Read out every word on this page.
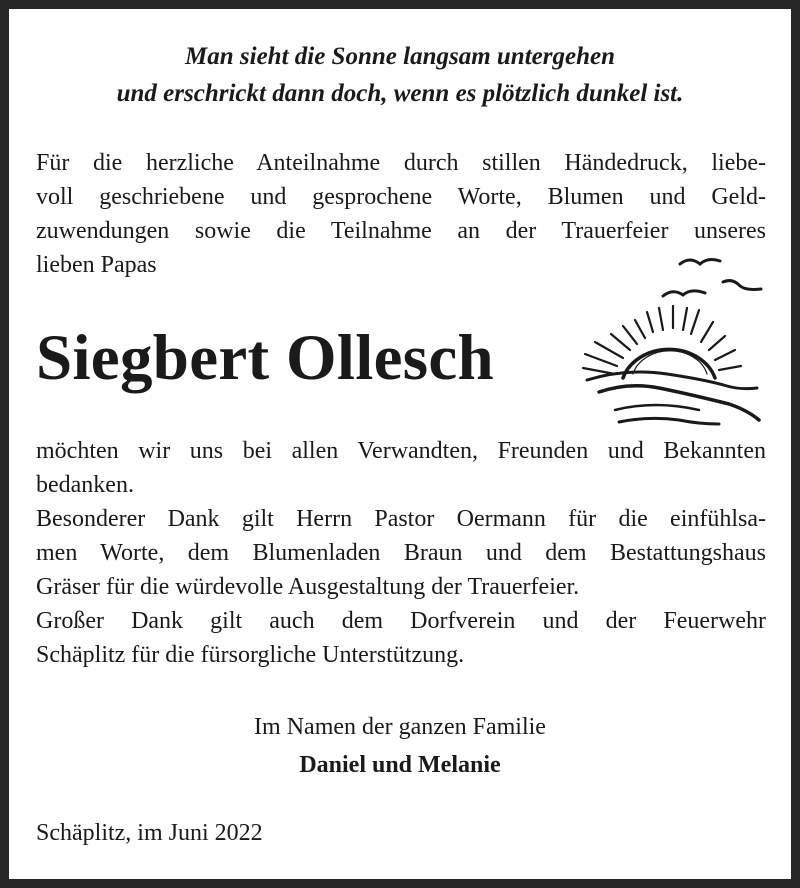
Man sieht die Sonne langsam untergehen
und erschrickt dann doch, wenn es plötzlich dunkel ist.
Für die herzliche Anteilnahme durch stillen Händedruck, liebe-
voll geschriebene und gesprochene Worte, Blumen und Geld-
zuwendungen sowie die Teilnahme an der Trauerfeier unseres
lieben Papas
Siegbert Ollesch
möchten wir uns bei allen Verwandten, Freunden und Bekannten
bedanken.
Besonderer Dank gilt Herrn Pastor Oermann für die einfühlsa-
men Worte, dem Blumenladen Braun und dem Bestattungshaus
Gräser für die würdevolle Ausgestaltung der Trauerfeier.
Großer Dank gilt auch dem Dorfverein und der Feuerwehr
Schäplitz für die fürsorgliche Unterstützung.
Im Namen der ganzen Familie
Daniel und Melanie
Schäplitz, im Juni 2022
